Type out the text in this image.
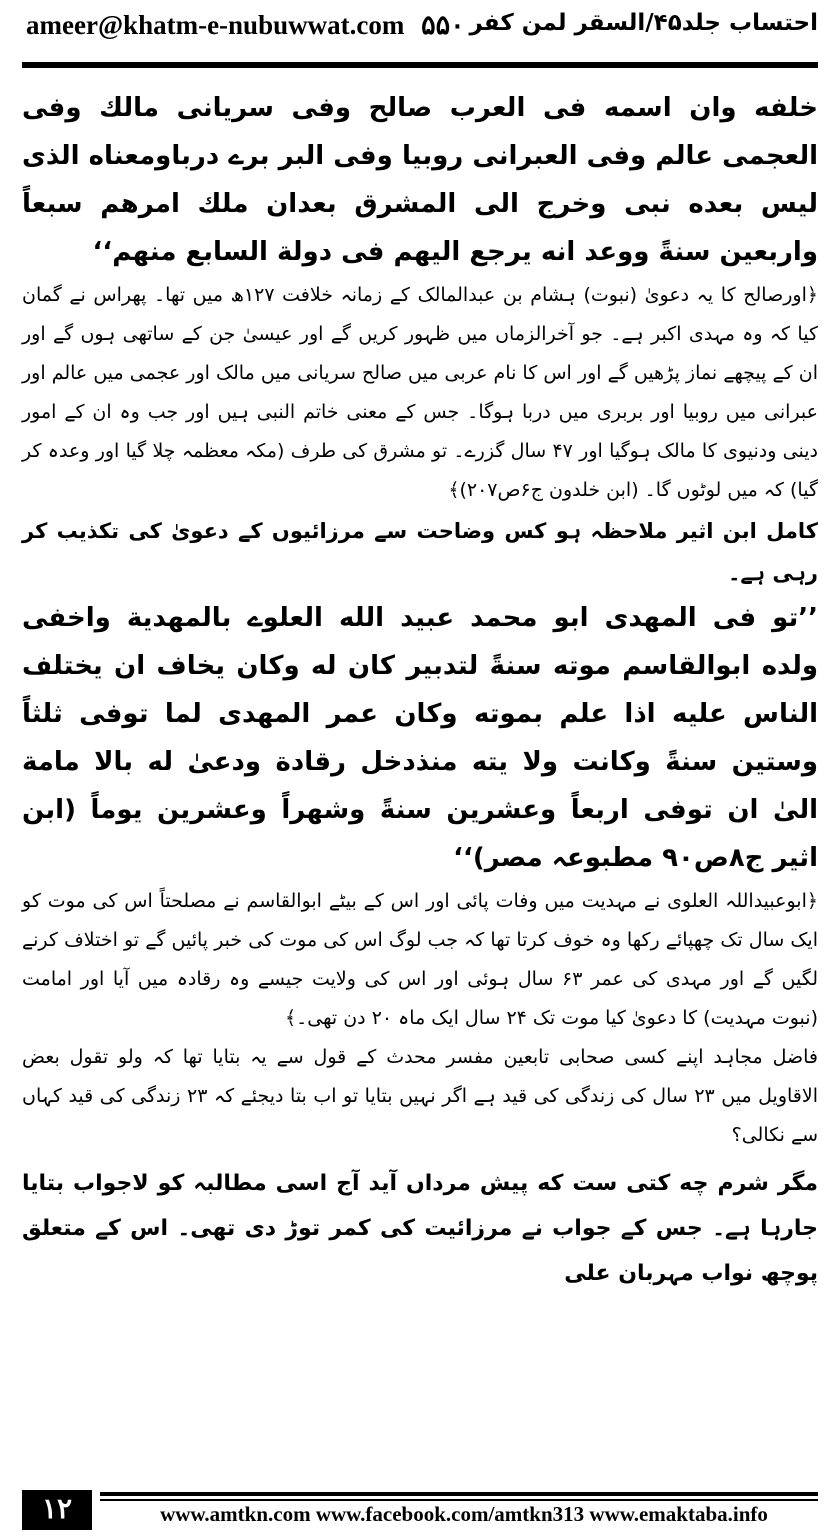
ameer@khatm-e-nubuwwat.com ۵۵۰ احتساب جلد۴۵/السقر لمن کفر

خلفه وان اسمه فی العرب صالح وفی سریانی مالك وفی العجمی عالم وفی العبرانی روبیا وفی البر برے درباومعناه الذی لیس بعده نبی وخرج الی المشرق بعدان ملك امرهم سبعاً واربعین سنةً ووعد انه یرجع الیهم فی دولة السابع منهم‘‘

﴿اورصالح کا یہ دعویٰ (نبوت) ہشام بن عبدالمالک کے زمانہ خلافت ۱۲۷ھ میں تھا۔ پھراس نے گمان کیا کہ وہ مہدی اکبر ہے۔ جو آخرالزماں میں ظہور کریں گے اور عیسیٰ جن کے ساتھی ہوں گے اور ان کے پیچھے نماز پڑھیں گے اور اس کا نام عربی میں صالح سریانی میں مالک اور عجمی میں عالم اور عبرانی میں روبیا اور بربری میں دربا ہوگا۔ جس کے معنی خاتم النبی ہیں اور جب وہ ان کے امور دینی ودنیوی کا مالک ہوگیا اور ۴۷ سال گزرے۔ تو مشرق کی طرف (مکہ معظمہ چلا گیا اور وعدہ کر گیا) کہ میں لوٹوں گا۔ (ابن خلدون ج۶ص۲۰۷)﴾

کامل ابن اثیر ملاحظہ ہو کس وضاحت سے مرزائیوں کے دعویٰ کی تکذیب کر رہی ہے۔

’’تو فی المهدی ابو محمد عبید الله العلوے بالمهدیة واخفی ولده ابوالقاسم موته سنةً لتدبیر كان له وكان یخاف ان یختلف الناس علیه اذا علم بموته وكان عمر المهدی لما توفی ثلثاً وستین سنةً وكانت ولا یته منذدخل رقادة ودعیٰ له بالا مامة الیٰ ان توفی اربعاً وعشرین سنةً وشهراً وعشرین یوماً (ابن اثیر ج۸ص۹۰ مطبوعہ مصر)‘‘

﴿ابوعبیداللہ العلوی نے مہدیت میں وفات پائی اور اس کے بیٹے ابوالقاسم نے مصلحتاً اس کی موت کو ایک سال تک چھپائے رکھا وہ خوف کرتا تھا کہ جب لوگ اس کی موت کی خبر پائیں گے تو اختلاف کرنے لگیں گے اور مہدی کی عمر ۶۳ سال ہوئی اور اس کی ولایت جیسے وہ رقادہ میں آیا اور امامت (نبوت مہدیت) کا دعویٰ کیا موت تک ۲۴ سال ایک ماہ ۲۰ دن تھی۔﴾

فاضل مجاہد اپنے کسی صحابی تابعین مفسر محدث کے قول سے یہ بتایا تھا کہ ولو تقول بعض الاقاویل میں ۲۳ سال کی زندگی کی قید ہے اگر نہیں بتایا تو اب بتا دیجئے کہ ۲۳ زندگی کی قید کہاں سے نکالی؟

مگر شرم چه کتی ست که پیش مرداں آید آج اسی مطالبہ کو لاجواب بتایا جارہا ہے۔ جس کے جواب نے مرزائیت کی کمر توڑ دی تھی۔ اس کے متعلق پوچھ نواب مہربان علی

۱۲	www.amtkn.com www.facebook.com/amtkn313 www.emaktaba.info
